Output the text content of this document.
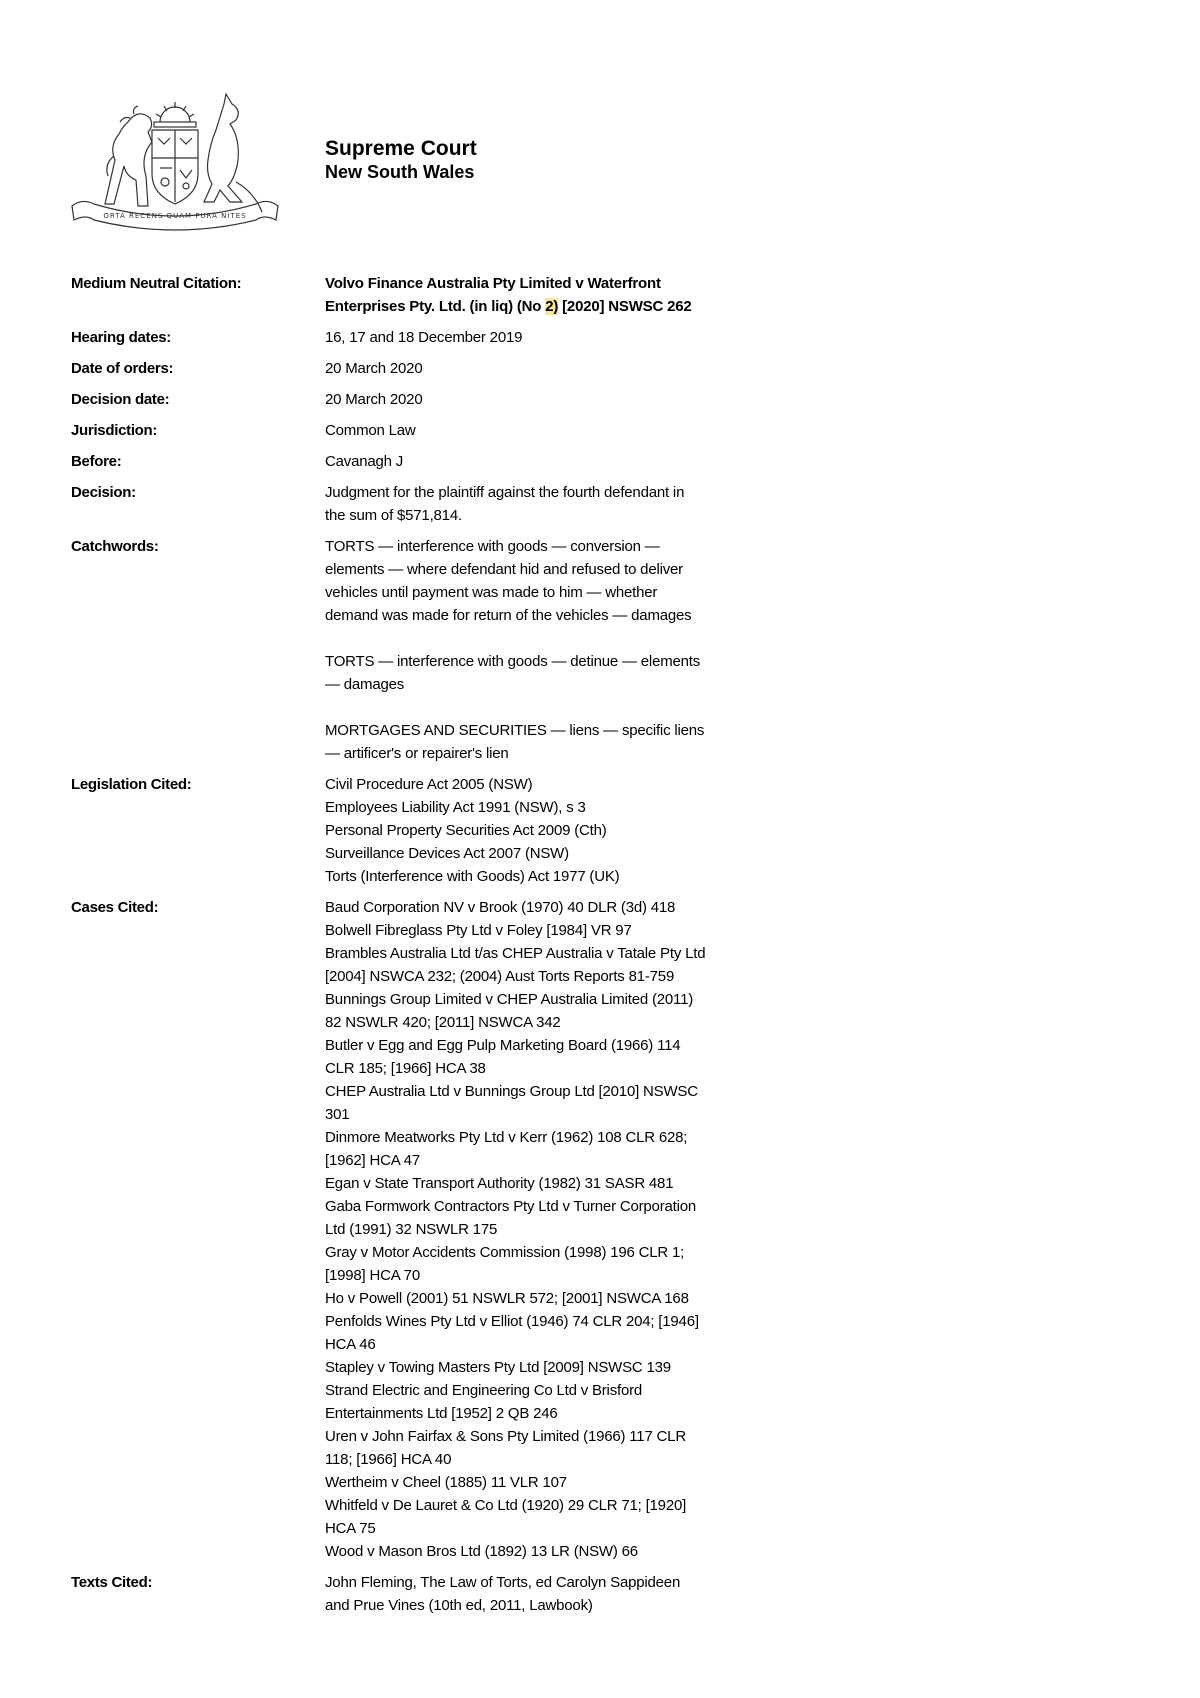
ORTA RECENS QUAM PURA NITES
Supreme Court
New South Wales
Medium Neutral Citation:	Volvo Finance Australia Pty Limited v Waterfront
Enterprises Pty. Ltd. (in liq) (No 2) [2020] NSWSC 262
Hearing dates:	16, 17 and 18 December 2019
Date of orders:	20 March 2020
Decision date:	20 March 2020
Jurisdiction:	Common Law
Before:	Cavanagh J
Decision:	Judgment for the plaintiff against the fourth defendant in
the sum of $571,814.
Catchwords:	TORTS — interference with goods — conversion —
elements — where defendant hid and refused to deliver
vehicles until payment was made to him — whether
demand was made for return of the vehicles — damages
TORTS — interference with goods — detinue — elements
— damages
MORTGAGES AND SECURITIES — liens — specific liens
— artificer's or repairer's lien
Legislation Cited:	Civil Procedure Act 2005 (NSW)
Employees Liability Act 1991 (NSW), s 3
Personal Property Securities Act 2009 (Cth)
Surveillance Devices Act 2007 (NSW)
Torts (Interference with Goods) Act 1977 (UK)
Cases Cited:	Baud Corporation NV v Brook (1970) 40 DLR (3d) 418
Bolwell Fibreglass Pty Ltd v Foley [1984] VR 97
Brambles Australia Ltd t/as CHEP Australia v Tatale Pty Ltd
[2004] NSWCA 232; (2004) Aust Torts Reports 81-759
Bunnings Group Limited v CHEP Australia Limited (2011)
82 NSWLR 420; [2011] NSWCA 342
Butler v Egg and Egg Pulp Marketing Board (1966) 114
CLR 185; [1966] HCA 38
CHEP Australia Ltd v Bunnings Group Ltd [2010] NSWSC
301
Dinmore Meatworks Pty Ltd v Kerr (1962) 108 CLR 628;
[1962] HCA 47
Egan v State Transport Authority (1982) 31 SASR 481
Gaba Formwork Contractors Pty Ltd v Turner Corporation
Ltd (1991) 32 NSWLR 175
Gray v Motor Accidents Commission (1998) 196 CLR 1;
[1998] HCA 70
Ho v Powell (2001) 51 NSWLR 572; [2001] NSWCA 168
Penfolds Wines Pty Ltd v Elliot (1946) 74 CLR 204; [1946]
HCA 46
Stapley v Towing Masters Pty Ltd [2009] NSWSC 139
Strand Electric and Engineering Co Ltd v Brisford
Entertainments Ltd [1952] 2 QB 246
Uren v John Fairfax & Sons Pty Limited (1966) 117 CLR
118; [1966] HCA 40
Wertheim v Cheel (1885) 11 VLR 107
Whitfeld v De Lauret & Co Ltd (1920) 29 CLR 71; [1920]
HCA 75
Wood v Mason Bros Ltd (1892) 13 LR (NSW) 66
Texts Cited:	John Fleming, The Law of Torts, ed Carolyn Sappideen
and Prue Vines (10th ed, 2011, Lawbook)
